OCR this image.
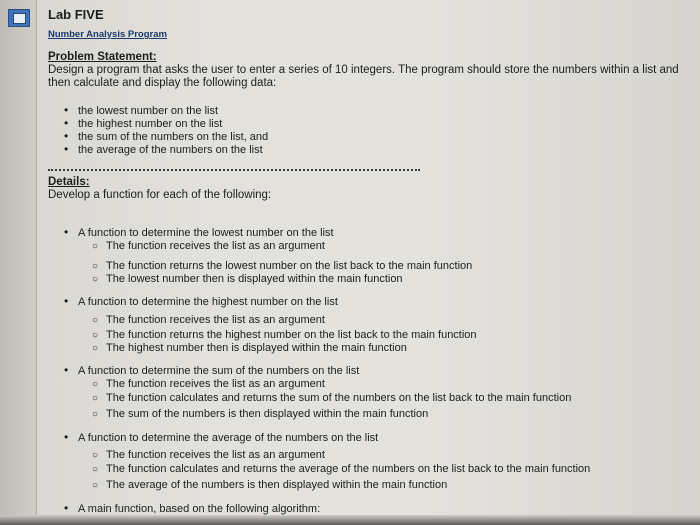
Lab FIVE
Number Analysis Program
Problem Statement:
Design a program that asks the user to enter a series of 10 integers. The program should store the numbers within a list and then calculate and display the following data:
• the lowest number on the list
• the highest number on the list
• the sum of the numbers on the list, and
• the average of the numbers on the list
Details:
Develop a function for each of the following:
• A function to determine the lowest number on the list
○ The function receives the list as an argument
○ The function returns the lowest number on the list back to the main function
○ The lowest number then is displayed within the main function
• A function to determine the highest number on the list
○ The function receives the list as an argument
○ The function returns the highest number on the list back to the main function
○ The highest number then is displayed within the main function
• A function to determine the sum of the numbers on the list
○ The function receives the list as an argument
○ The function calculates and returns the sum of the numbers on the list back to the main function
○ The sum of the numbers is then displayed within the main function
• A function to determine the average of the numbers on the list
○ The function receives the list as an argument
○ The function calculates and returns the average of the numbers on the list back to the main function
○ The average of the numbers is then displayed within the main function
• A main function, based on the following algorithm:
